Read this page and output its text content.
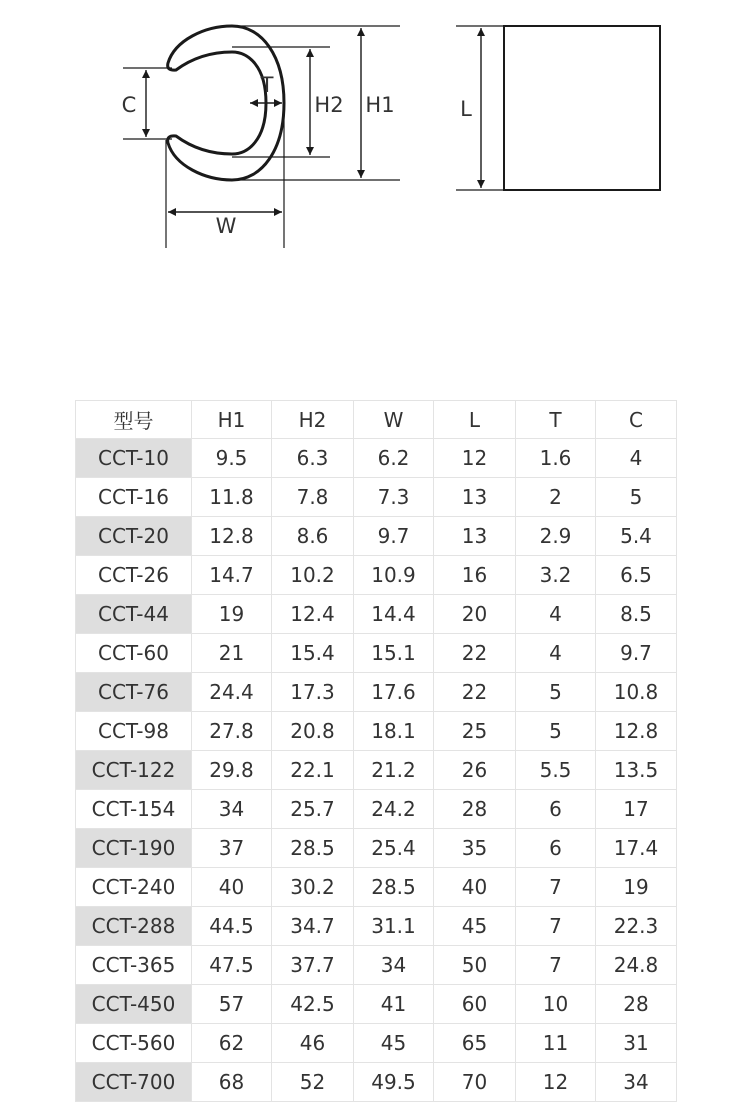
C
T
H2 H1
W
L
型号	H1	H2	W	L	T	C
CCT-10	9.5	6.3	6.2	12	1.6	4
CCT-16	11.8	7.8	7.3	13	2	5
CCT-20	12.8	8.6	9.7	13	2.9	5.4
CCT-26	14.7	10.2	10.9	16	3.2	6.5
CCT-44	19	12.4	14.4	20	4	8.5
CCT-60	21	15.4	15.1	22	4	9.7
CCT-76	24.4	17.3	17.6	22	5	10.8
CCT-98	27.8	20.8	18.1	25	5	12.8
CCT-122	29.8	22.1	21.2	26	5.5	13.5
CCT-154	34	25.7	24.2	28	6	17
CCT-190	37	28.5	25.4	35	6	17.4
CCT-240	40	30.2	28.5	40	7	19
CCT-288	44.5	34.7	31.1	45	7	22.3
CCT-365	47.5	37.7	34	50	7	24.8
CCT-450	57	42.5	41	60	10	28
CCT-560	62	46	45	65	11	31
CCT-700	68	52	49.5	70	12	34
